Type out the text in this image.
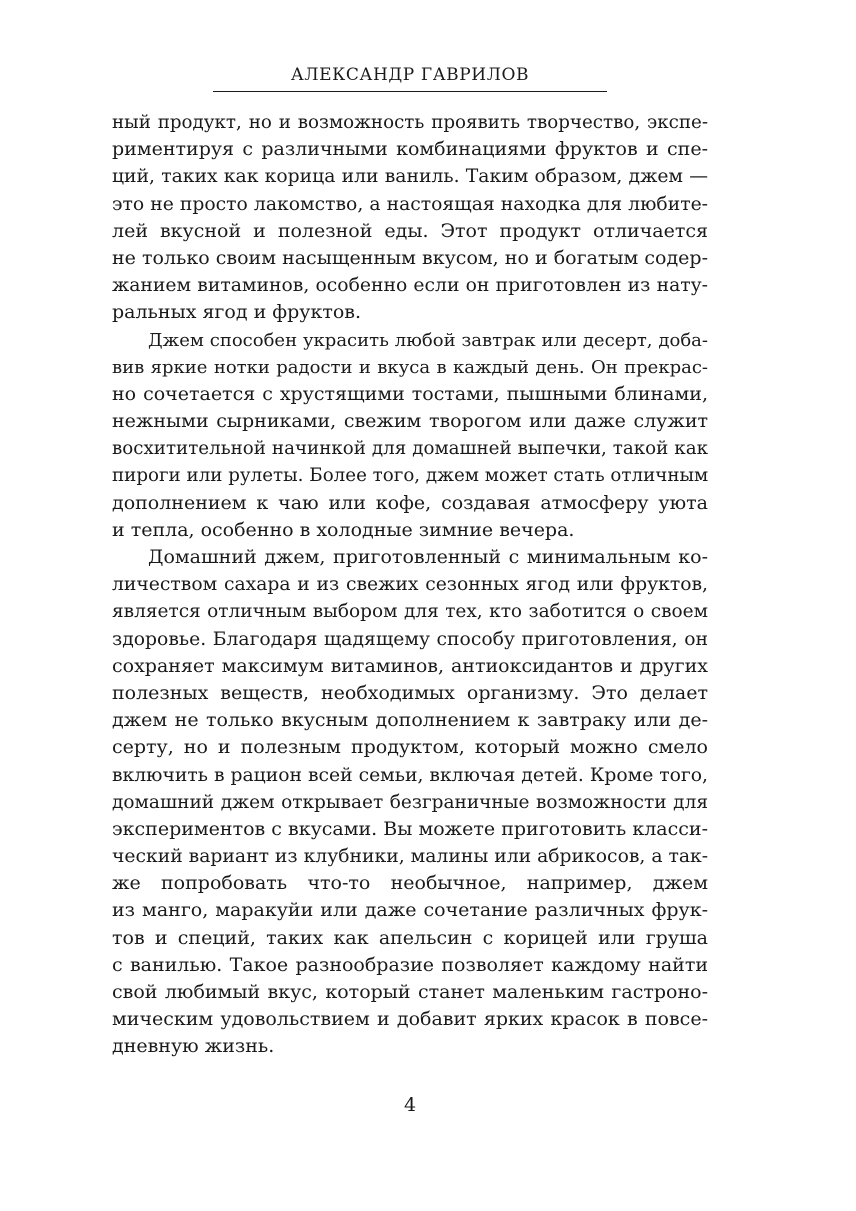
АЛЕКСАНДР ГАВРИЛОВ
ный продукт, но и возможность проявить творчество, экспе-
риментируя с различными комбинациями фруктов и спе-
ций, таких как корица или ваниль. Таким образом, джем —
это не просто лакомство, а настоящая находка для любите-
лей вкусной и полезной еды. Этот продукт отличается
не только своим насыщенным вкусом, но и богатым содер-
жанием витаминов, особенно если он приготовлен из нату-
ральных ягод и фруктов.
Джем способен украсить любой завтрак или десерт, доба-
вив яркие нотки радости и вкуса в каждый день. Он прекрас-
но сочетается с хрустящими тостами, пышными блинами,
нежными сырниками, свежим творогом или даже служит
восхитительной начинкой для домашней выпечки, такой как
пироги или рулеты. Более того, джем может стать отличным
дополнением к чаю или кофе, создавая атмосферу уюта
и тепла, особенно в холодные зимние вечера.
Домашний джем, приготовленный с минимальным ко-
личеством сахара и из свежих сезонных ягод или фруктов,
является отличным выбором для тех, кто заботится о своем
здоровье. Благодаря щадящему способу приготовления, он
сохраняет максимум витаминов, антиоксидантов и других
полезных веществ, необходимых организму. Это делает
джем не только вкусным дополнением к завтраку или де-
серту, но и полезным продуктом, который можно смело
включить в рацион всей семьи, включая детей. Кроме того,
домашний джем открывает безграничные возможности для
экспериментов с вкусами. Вы можете приготовить класси-
ческий вариант из клубники, малины или абрикосов, а так-
же попробовать что-то необычное, например, джем
из манго, маракуйи или даже сочетание различных фрук-
тов и специй, таких как апельсин с корицей или груша
с ванилью. Такое разнообразие позволяет каждому найти
свой любимый вкус, который станет маленьким гастроно-
мическим удовольствием и добавит ярких красок в повсе-
дневную жизнь.
4
